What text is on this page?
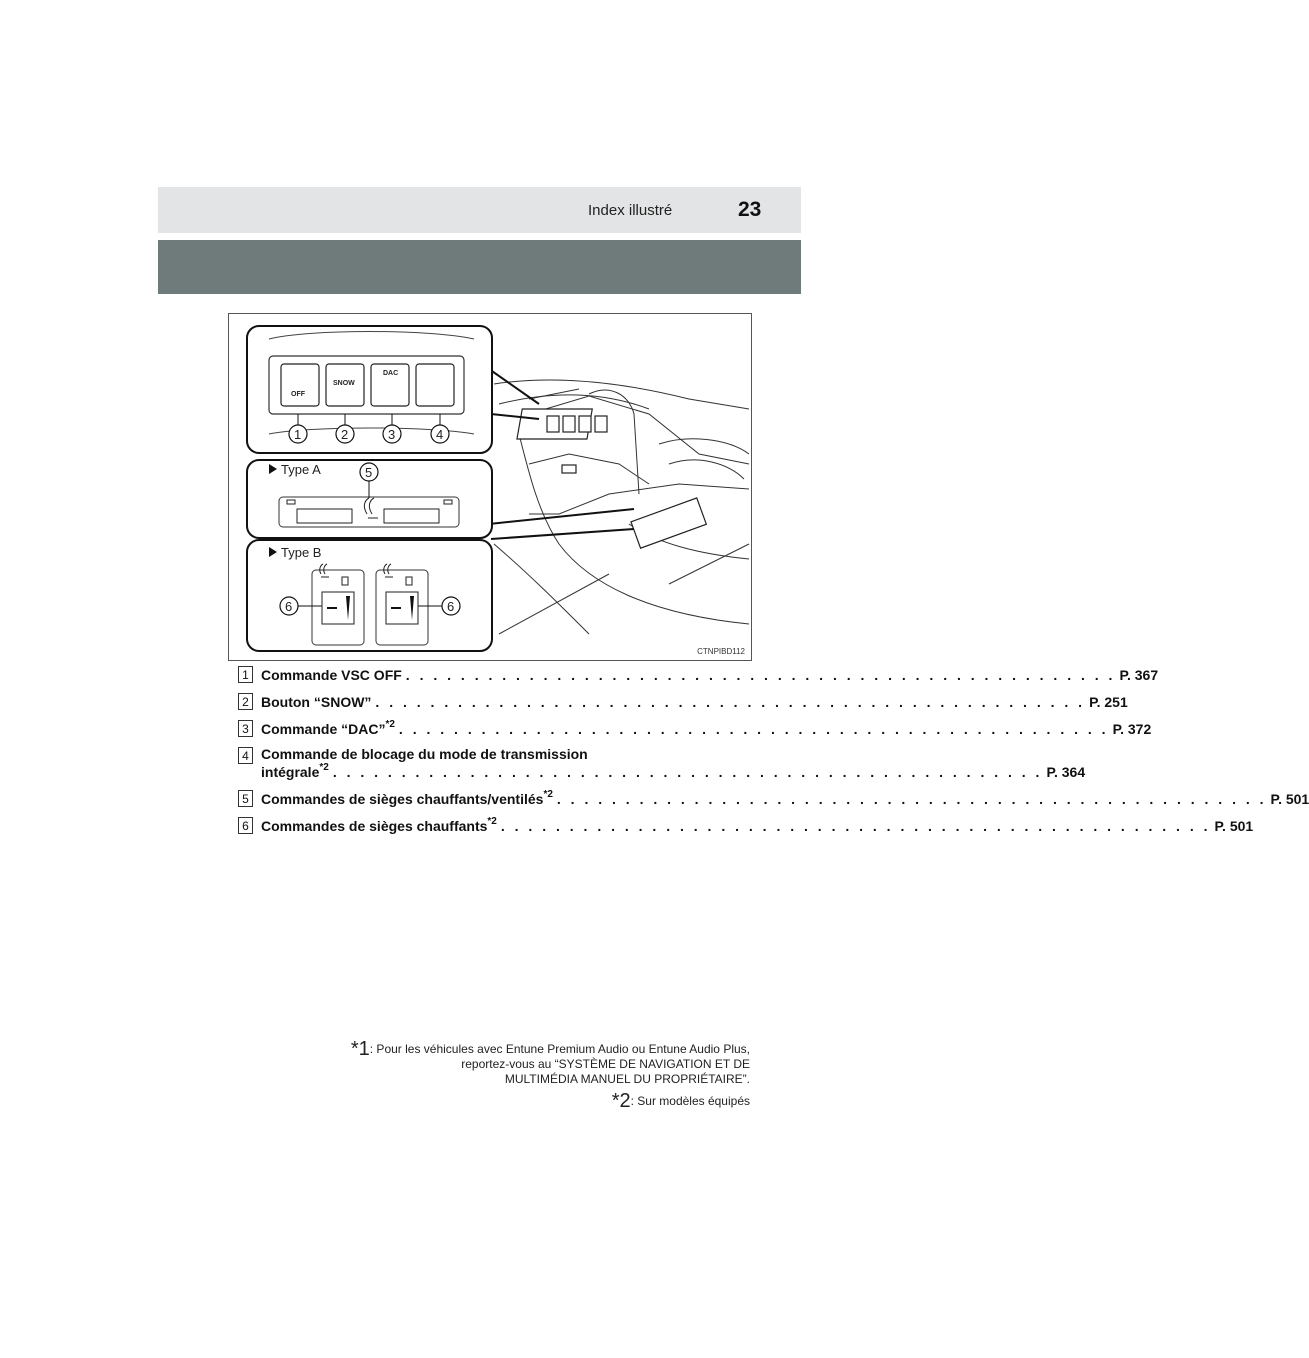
Index illustré	23
OFF
SNOW
DAC
1	2	3	4
5
6	6
Type A
Type B
CTNPIBD112
1 Commande VSC OFF . . . . . . . . . . . . . . . . . . . . . . . . . . . . . . . . . . . . . . . . . . . . . . . . . . . . P. 367
2 Bouton “SNOW” . . . . . . . . . . . . . . . . . . . . . . . . . . . . . . . . . . . . . . . . . . . . . . . . . . . . P. 251
3 Commande “DAC”$^{*2}$ . . . . . . . . . . . . . . . . . . . . . . . . . . . . . . . . . . . . . . . . . . . . . . . . . . . . P. 372
4 Commande de blocage du mode de transmission
intégrale$^{*2}$ . . . . . . . . . . . . . . . . . . . . . . . . . . . . . . . . . . . . . . . . . . . . . . . . . . . . P. 364
5 Commandes de sièges chauffants/ventilés$^{*2}$ . . . . . . . . . . . . . . . . . . . . . . . . . . . . . . . . . . . . . . . . . . . . . . . . . . . . P. 501
6 Commandes de sièges chauffants$^{*2}$ . . . . . . . . . . . . . . . . . . . . . . . . . . . . . . . . . . . . . . . . . . . . . . . . . . . . P. 501
*1: Pour les véhicules avec Entune Premium Audio ou Entune Audio Plus,
reportez-vous au “SYSTÈME DE NAVIGATION ET DE
MULTIMÉDIA MANUEL DU PROPRIÉTAIRE”.
*2: Sur modèles équipés
